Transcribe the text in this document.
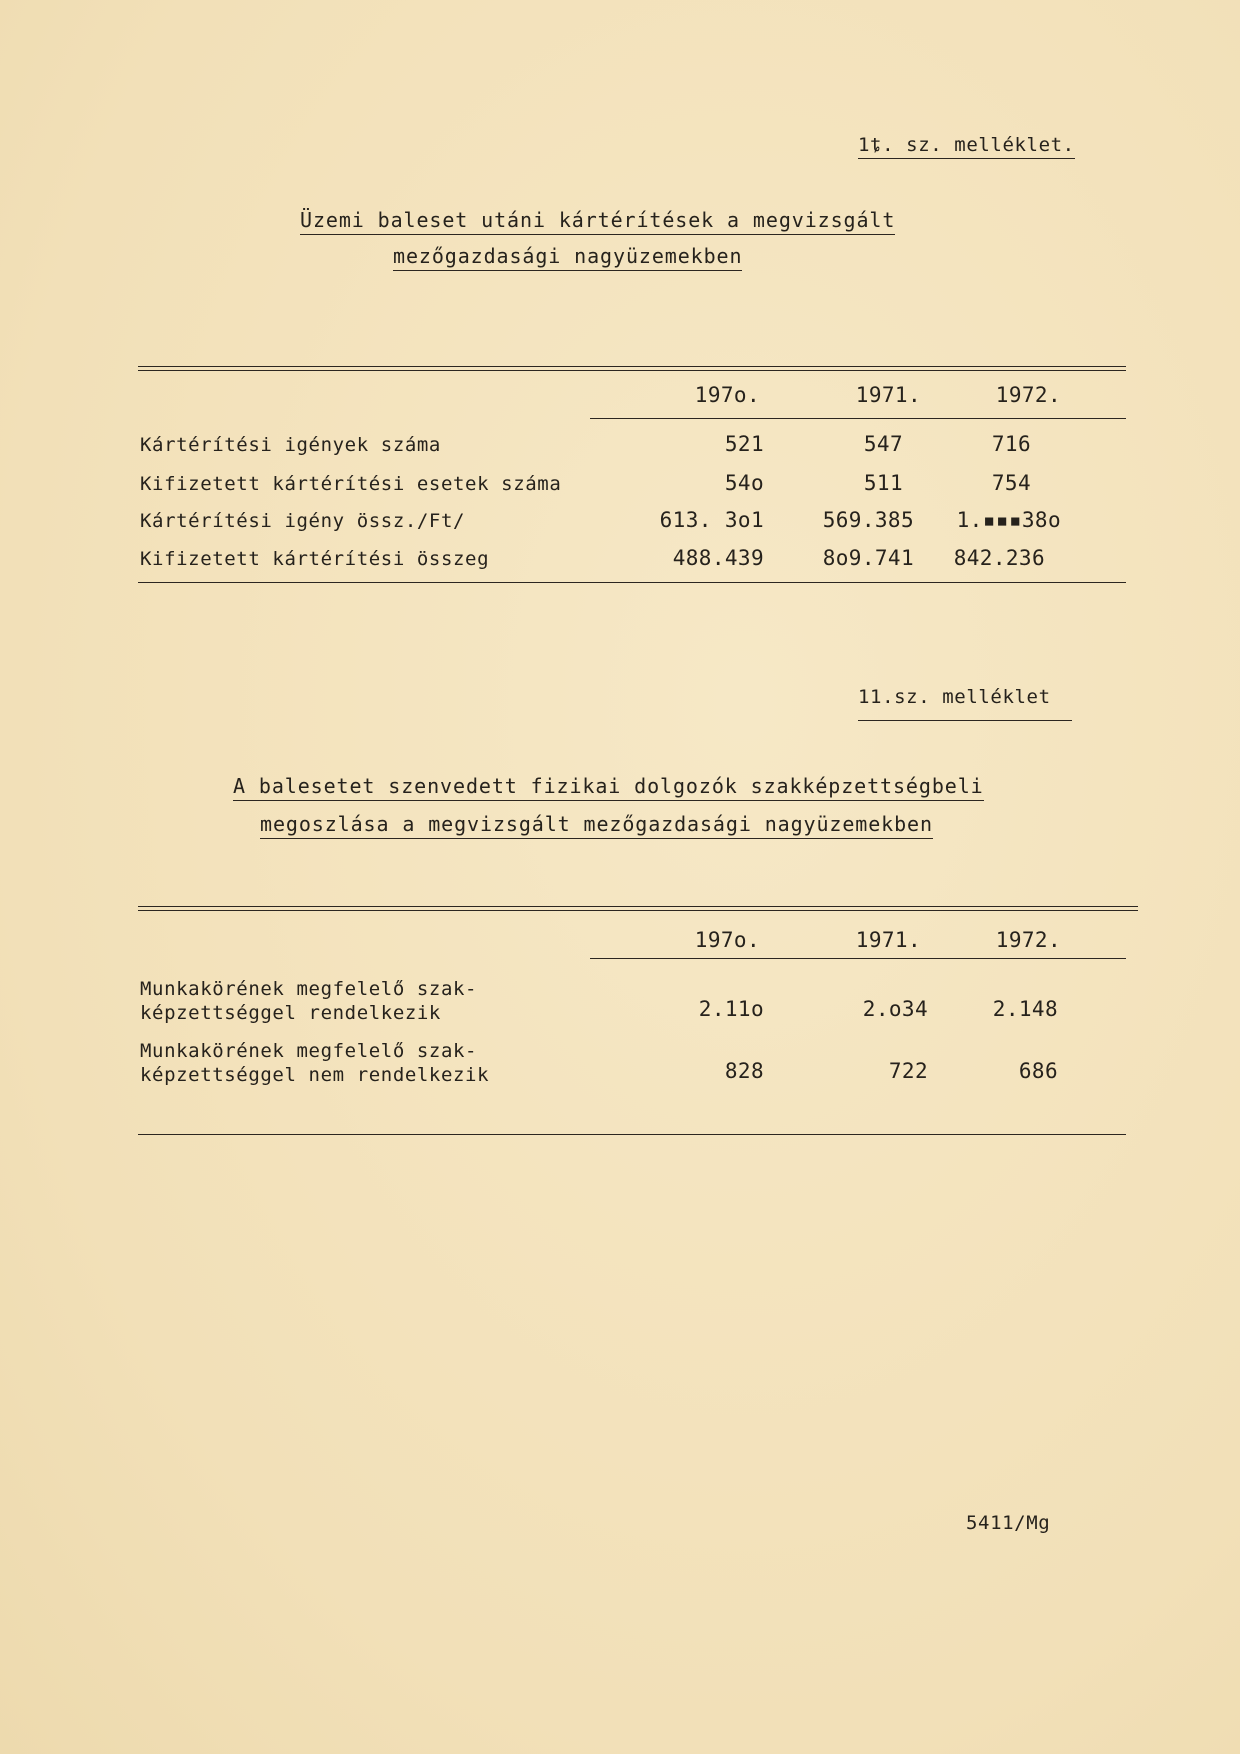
1ȶ. sz. melléklet.
Üzemi baleset utáni kártérítések a megvizsgált
mezőgazdasági nagyüzemekben
197o.	1971.	1972.
Kártérítési igények száma	521	547	716
Kifizetett kártérítési esetek száma	54o	511	754
Kártérítési igény össz./Ft/	613. 3o1	569.385	1.▪▪▪38o
Kifizetett kártérítési összeg	488.439	8o9.741	842.236
11.sz. melléklet
A balesetet szenvedett fizikai dolgozók szakképzettségbeli
megoszlása a megvizsgált mezőgazdasági nagyüzemekben
197o.	1971.	1972.
Munkakörének megfelelő szak-
képzettséggel rendelkezik	2.11o	2.o34	2.148
Munkakörének megfelelő szak-
képzettséggel nem rendelkezik	828	722	686
5411/Mg
